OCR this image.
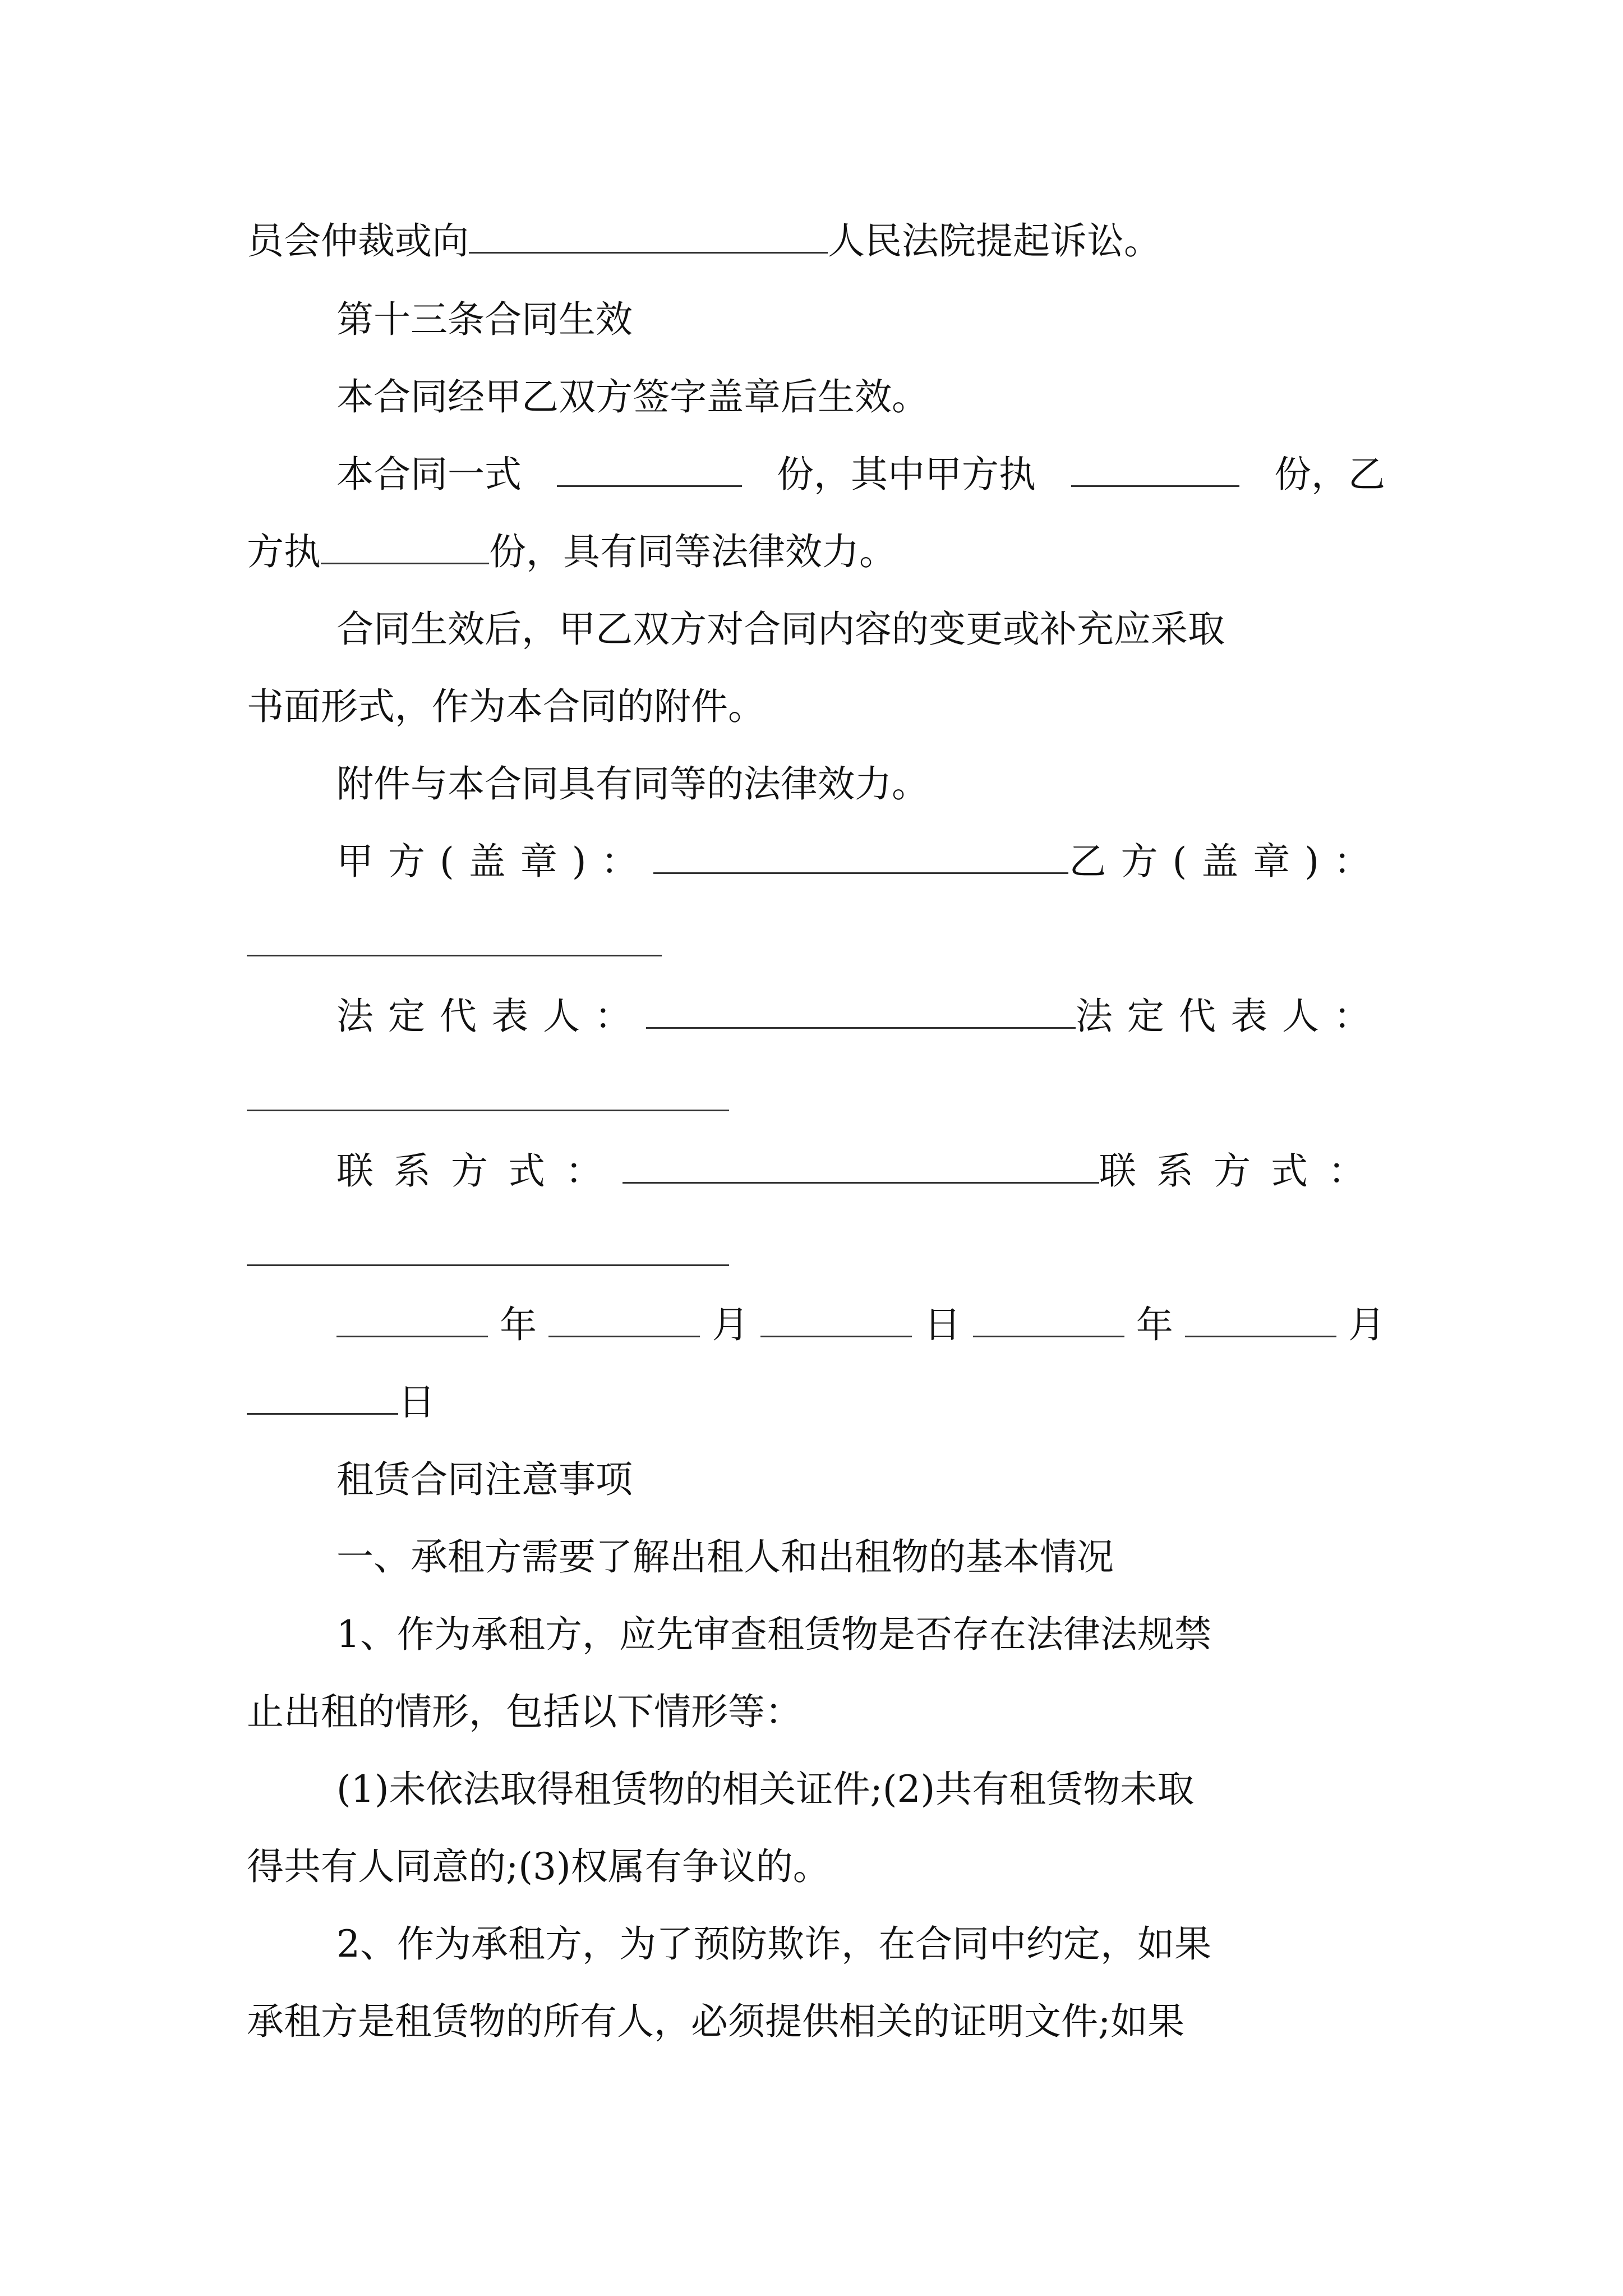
员会仲裁或向	人民法院提起诉讼。
第十三条合同生效
本合同经甲乙双方签字盖章后生效。
本合同一式	份，其中甲方执	份，乙
方执	份，具有同等法律效力。
合同生效后，甲乙双方对合同内容的变更或补充应采取
书面形式，作为本合同的附件。
附件与本合同具有同等的法律效力。
甲方(盖章)：	乙方(盖章)：
法定代表人：	法定代表人：
联系方式：	联系方式：
年	月	日	年	月
日
租赁合同注意事项
一、承租方需要了解出租人和出租物的基本情况
1、作为承租方，应先审查租赁物是否存在法律法规禁
止出租的情形，包括以下情形等：
(1)未依法取得租赁物的相关证件;(2)共有租赁物未取
得共有人同意的;(3)权属有争议的。
2、作为承租方，为了预防欺诈，在合同中约定，如果
承租方是租赁物的所有人，必须提供相关的证明文件;如果
